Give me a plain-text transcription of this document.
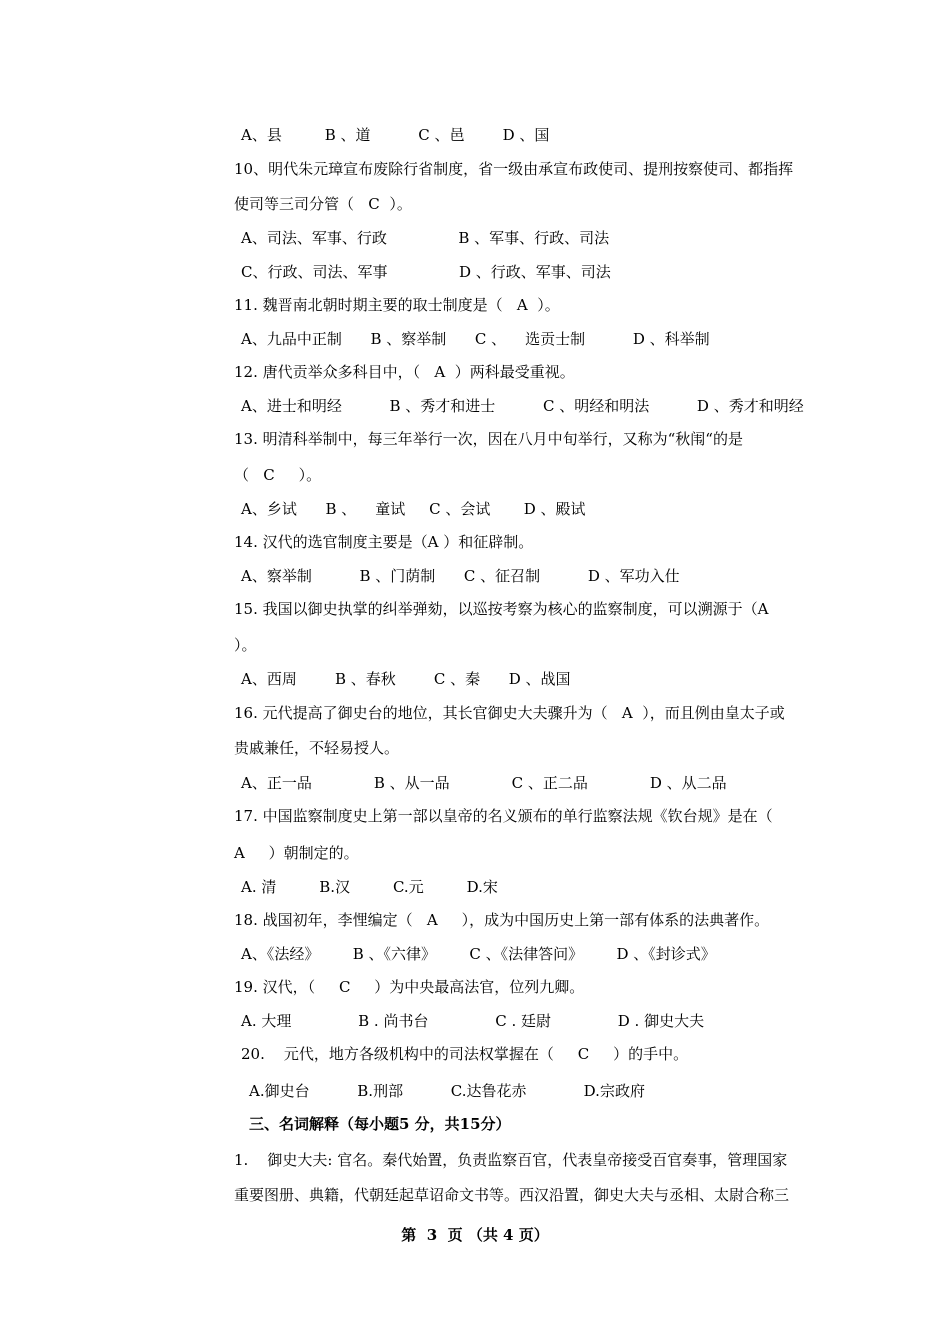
A、县         B 、道          C 、邑        D 、国

10、明代朱元璋宣布废除行省制度，省一级由承宣布政使司、提刑按察使司、都指挥

使司等三司分管（   C  ）。

A、司法、军事、行政               B 、军事、行政、司法

C、行政、司法、军事               D 、行政、军事、司法

11. 魏晋南北朝时期主要的取士制度是（   A  ）。

A、九品中正制      B 、察举制      C 、    选贡士制          D 、科举制

12. 唐代贡举众多科目中，（   A  ）两科最受重视。

A、进士和明经          B 、秀才和进士          C 、明经和明法          D 、秀才和明经

13. 明清科举制中，每三年举行一次，因在八月中旬举行，又称为“秋闱“的是

（   C     ）。

A、乡试      B 、    童试     C 、会试       D 、殿试

14. 汉代的选官制度主要是（A ）和征辟制。

A、察举制          B 、门荫制      C 、征召制          D 、军功入仕

15. 我国以御史执掌的纠举弹劾，以巡按考察为核心的监察制度，可以溯源于（A

）。

A、西周        B 、春秋        C 、秦      D 、战国

16. 元代提高了御史台的地位，其长官御史大夫骤升为（   A  ），而且例由皇太子或

贵戚兼任，不轻易授人。

A、正一品             B 、从一品             C 、正二品             D 、从二品

17. 中国监察制度史上第一部以皇帝的名义颁布的单行监察法规《钦台规》是在（

A     ）朝制定的。

A. 清         B.汉         C.元         D.宋

18. 战国初年，李悝编定（   A     ），成为中国历史上第一部有体系的法典著作。

A、《法经》       B 、《六律》       C 、《法律答问》       D 、《封诊式》

19. 汉代，（     C     ）为中央最高法官，位列九卿。

A. 大理              B . 尚书台              C . 廷尉              D . 御史大夫

20.    元代，地方各级机构中的司法权掌握在（     C     ）的手中。

A.御史台          B.刑部          C.达鲁花赤            D.宗政府

三、名词解释（每小题5 分，共15分）

1.    御史大夫: 官名。秦代始置，负责监察百官，代表皇帝接受百官奏事，管理国家

重要图册、典籍，代朝廷起草诏命文书等。西汉沿置，御史大夫与丞相、太尉合称三

第  3  页 （共 4 页）
